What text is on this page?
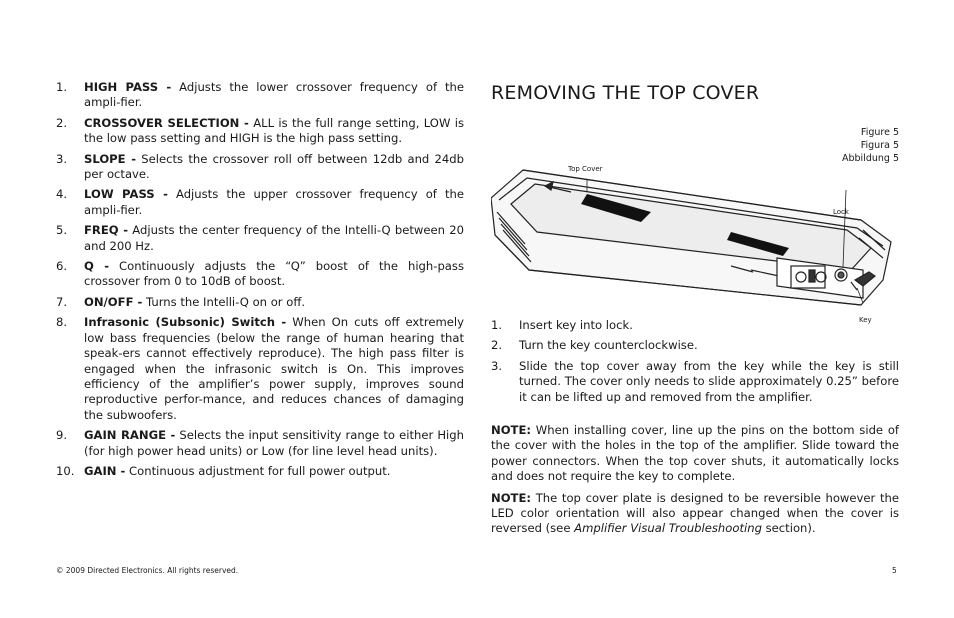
1.	HIGH PASS - Adjusts the lower crossover frequency of the ampli-fier.
2.	CROSSOVER SELECTION - ALL is the full range setting, LOW is the low pass setting and HIGH is the high pass setting.
3.	SLOPE - Selects the crossover roll off between 12db and 24db per octave.
4.	LOW PASS - Adjusts the upper crossover frequency of the ampli-fier.
5.	FREQ - Adjusts the center frequency of the Intelli-Q between 20 and 200 Hz.
6.	Q - Continuously adjusts the “Q” boost of the high-pass crossover from 0 to 10dB of boost.
7.	ON/OFF - Turns the Intelli-Q on or off.
8.	Infrasonic (Subsonic) Switch - When On cuts off extremely low bass frequencies (below the range of human hearing that speak-ers cannot effectively reproduce). The high pass filter is engaged when the infrasonic switch is On. This improves efficiency of the amplifier’s power supply, improves sound reproductive perfor-mance, and reduces chances of damaging the subwoofers.
9.	GAIN RANGE - Selects the input sensitivity range to either High (for high power head units) or Low (for line level head units).
10. GAIN - Continuous adjustment for full power output.
REMOVING THE TOP COVER
Top Cover
Lock
Key
Figure 5
Figura 5
Abbildung 5
1.	Insert key into lock.
2.	Turn the key counterclockwise.
3.	Slide the top cover away from the key while the key is still turned. The cover only needs to slide approximately 0.25” before it can be lifted up and removed from the amplifier.
NOTE: When installing cover, line up the pins on the bottom side of the cover with the holes in the top of the amplifier. Slide toward the power connectors. When the top cover shuts, it automatically locks and does not require the key to complete.
NOTE: The top cover plate is designed to be reversible however the LED color orientation will also appear changed when the cover is reversed (see Amplifier Visual Troubleshooting section).
© 2009 Directed Electronics. All rights reserved.	5
